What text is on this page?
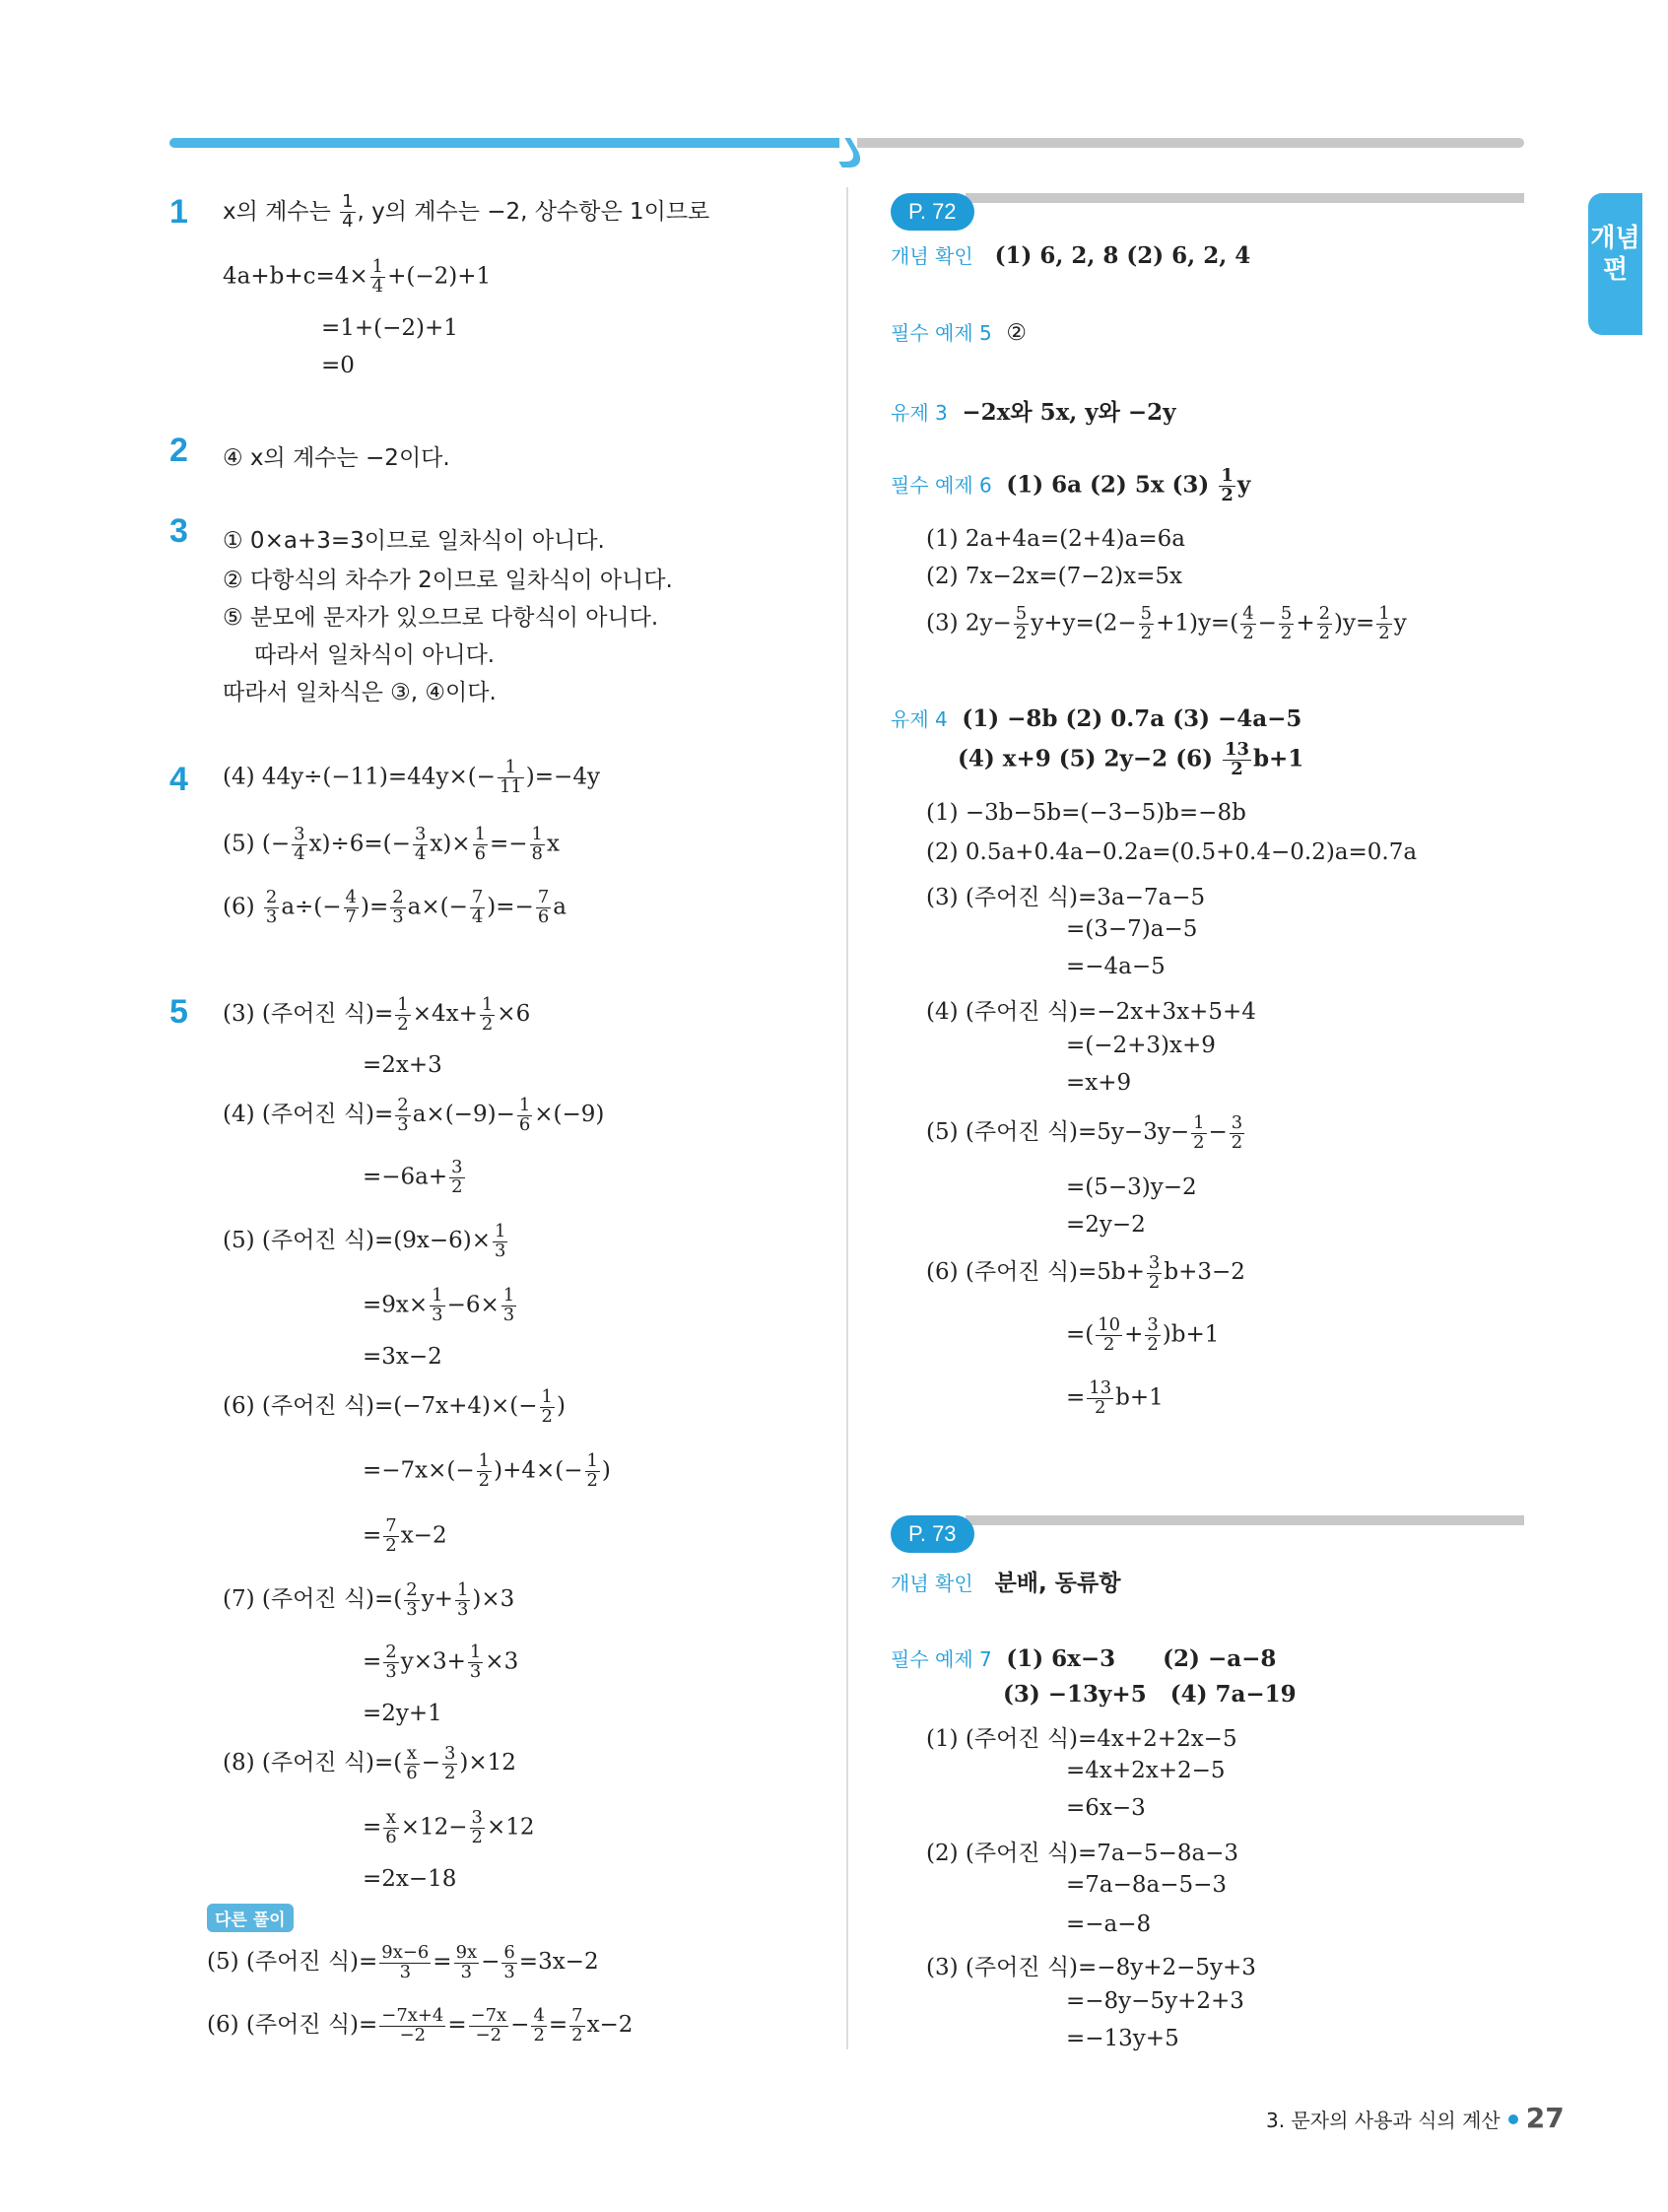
개념편
1 x의 계수는 $\frac{1}{4}$ , y의 계수는 −2, 상수항은 1이므로
$4a+b+c=4\times \frac{1}{4} +(-2)+1$
=1+(−2)+1
=0
2 ④ x의 계수는 −2이다.
3 ① 0×a+3=3이므로 일차식이 아니다.
② 다항식의 차수가 2이므로 일차식이 아니다.
⑤ 분모에 문자가 있으므로 다항식이 아니다.
따라서 일차식이 아니다.
따라서 일차식은 ③, ④이다.
4 (4) $44y\div(-11)=44y\times(- \frac{1}{11} )=-4y$
(5) (− $\frac{3}{4} x)\div 6=(- \frac{3}{4} x)\times \frac{1}{6} =- \frac{1}{8}$ x
$(6) \frac{2}{3} a\div(- \frac{4}{7}$ )= $\frac{2}{3} a\times(- \frac{7}{4}$ )=− $\frac{7}{6}$ a
5 (3) (주어진 식)= $\frac{1}{2} \times 4x+ \frac{1}{2} \times 6$
=2x+3
(4) (주어진 식)= $\frac{2}{3} a\times(-9)- \frac{1}{6} \times(-9)$
$=-6a+ \frac{3}{2}$
(5) (주어진 식)$=(9x-6)\times \frac{1}{3}$
$=9x\times \frac{1}{3} -6\times \frac{1}{3}$
=3x−2
(6) (주어진 식)$=(-7x+4)\times(- \frac{1}{2}$ )
$=-7x\times(- \frac{1}{2} )+4\times(- \frac{1}{2}$ )
= $\frac{7}{2} x-2$
(7) (주어진 식)=( $\frac{2}{3} y+ \frac{1}{3} )\times 3$
= $\frac{2}{3} y\times 3+ \frac{1}{3} \times 3$
=2y+1
(8) (주어진 식)=( $\frac{x}{6} - \frac{3}{2} )\times 12$
= $\frac{x}{6} \times 12- \frac{3}{2} \times 12$
=2x−18
다른 풀이
(5) (주어진 식)= $\frac{9x-6}{3} = \frac{9x}{3} - \frac{6}{3} =3x-2$
(6) (주어진 식)= $\frac{-7x+4}{-2} = \frac{-7x}{-2} - \frac{4}{2} = \frac{7}{2} x-2$
P. 72
개념 확인 (1) 6, 2, 8 (2) 6, 2, 4
필수 예제 5 ②
유제 3 −2x와 5x, y와 −2y
필수 예제 6 (1) 6a (2) 5x $(3) \frac{1}{2}$ y
(1) 2a+4a=(2+4)a=6a
(2) 7x−2x=(7−2)x=5x
(3) $2y- \frac{5}{2} y+y=(2- \frac{5}{2} +1)y=( \frac{4}{2} - \frac{5}{2} + \frac{2}{2} )y= \frac{1}{2}$ y
유제 4 (1) −8b (2) 0.7a (3) −4a−5
(4) x+9 (5) 2y−2 $(6) \frac{13}{2} b+1$
(1) −3b−5b=(−3−5)b=−8b
(2) 0.5a+0.4a−0.2a=(0.5+0.4−0.2)a=0.7a
(3) (주어진 식)=3a−7a−5
=(3−7)a−5
=−4a−5
(4) (주어진 식)=−2x+3x+5+4
=(−2+3)x+9
=x+9
(5) (주어진 식)$=5y-3y- \frac{1}{2} - \frac{3}{2}$
=(5−3)y−2
=2y−2
(6) (주어진 식)$=5b+ \frac{3}{2} b+3-2$
=( $\frac{10}{2} + \frac{3}{2} )b+1$
= $\frac{13}{2} b+1$
P. 73
개념 확인 분배, 동류항
필수 예제 7 (1) 6x−3      (2) −a−8
(3) −13y+5   (4) 7a−19
(1) (주어진 식)=4x+2+2x−5
=4x+2x+2−5
=6x−3
(2) (주어진 식)=7a−5−8a−3
=7a−8a−5−3
=−a−8
(3) (주어진 식)=−8y+2−5y+3
=−8y−5y+2+3
=−13y+5
3. 문자의 사용과 식의 계산 27
